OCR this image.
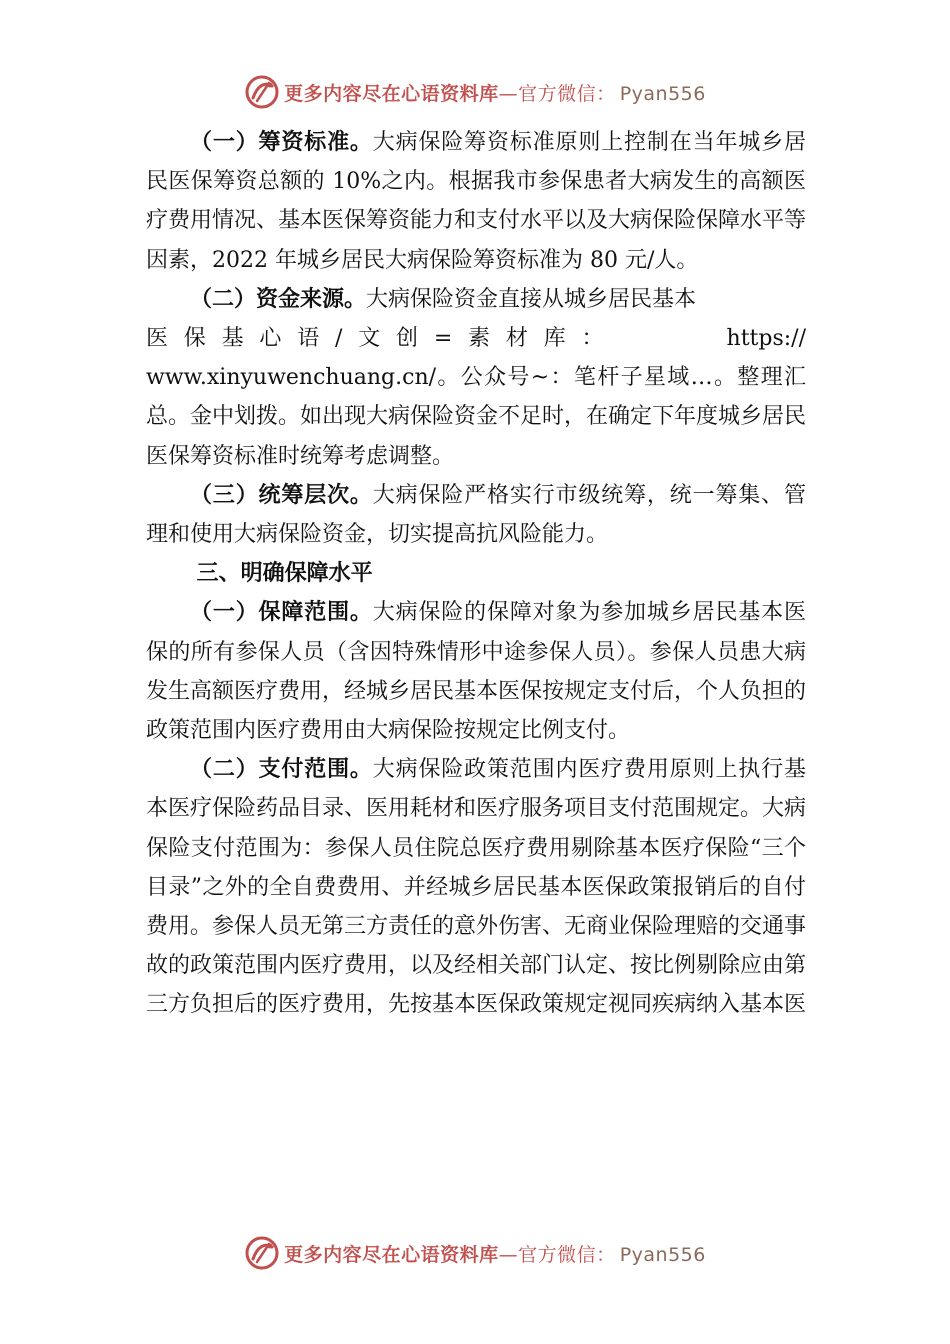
更多内容尽在心语资料库—官方微信： Pyan556

（一）筹资标准。大病保险筹资标准原则上控制在当年城乡居民医保筹资总额的 10%之内。根据我市参保患者大病发生的高额医疗费用情况、基本医保筹资能力和支付水平以及大病保险保障水平等因素，2022 年城乡居民大病保险筹资标准为 80 元/人。

（二）资金来源。大病保险资金直接从城乡居民基本

医保基心语/文创=素材库：	https://

www.xinyuwenchuang.cn/。公众号~：笔杆子星域…。整理汇总。金中划拨。如出现大病保险资金不足时，在确定下年度城乡居民医保筹资标准时统筹考虑调整。

（三）统筹层次。大病保险严格实行市级统筹，统一筹集、管理和使用大病保险资金，切实提高抗风险能力。

三、明确保障水平

（一）保障范围。大病保险的保障对象为参加城乡居民基本医保的所有参保人员（含因特殊情形中途参保人员）。参保人员患大病发生高额医疗费用，经城乡居民基本医保按规定支付后，个人负担的政策范围内医疗费用由大病保险按规定比例支付。

（二）支付范围。大病保险政策范围内医疗费用原则上执行基本医疗保险药品目录、医用耗材和医疗服务项目支付范围规定。大病保险支付范围为：参保人员住院总医疗费用剔除基本医疗保险“三个目录”之外的全自费费用、并经城乡居民基本医保政策报销后的自付费用。参保人员无第三方责任的意外伤害、无商业保险理赔的交通事故的政策范围内医疗费用，以及经相关部门认定、按比例剔除应由第三方负担后的医疗费用，先按基本医保政策规定视同疾病纳入基本医

更多内容尽在心语资料库—官方微信： Pyan556
